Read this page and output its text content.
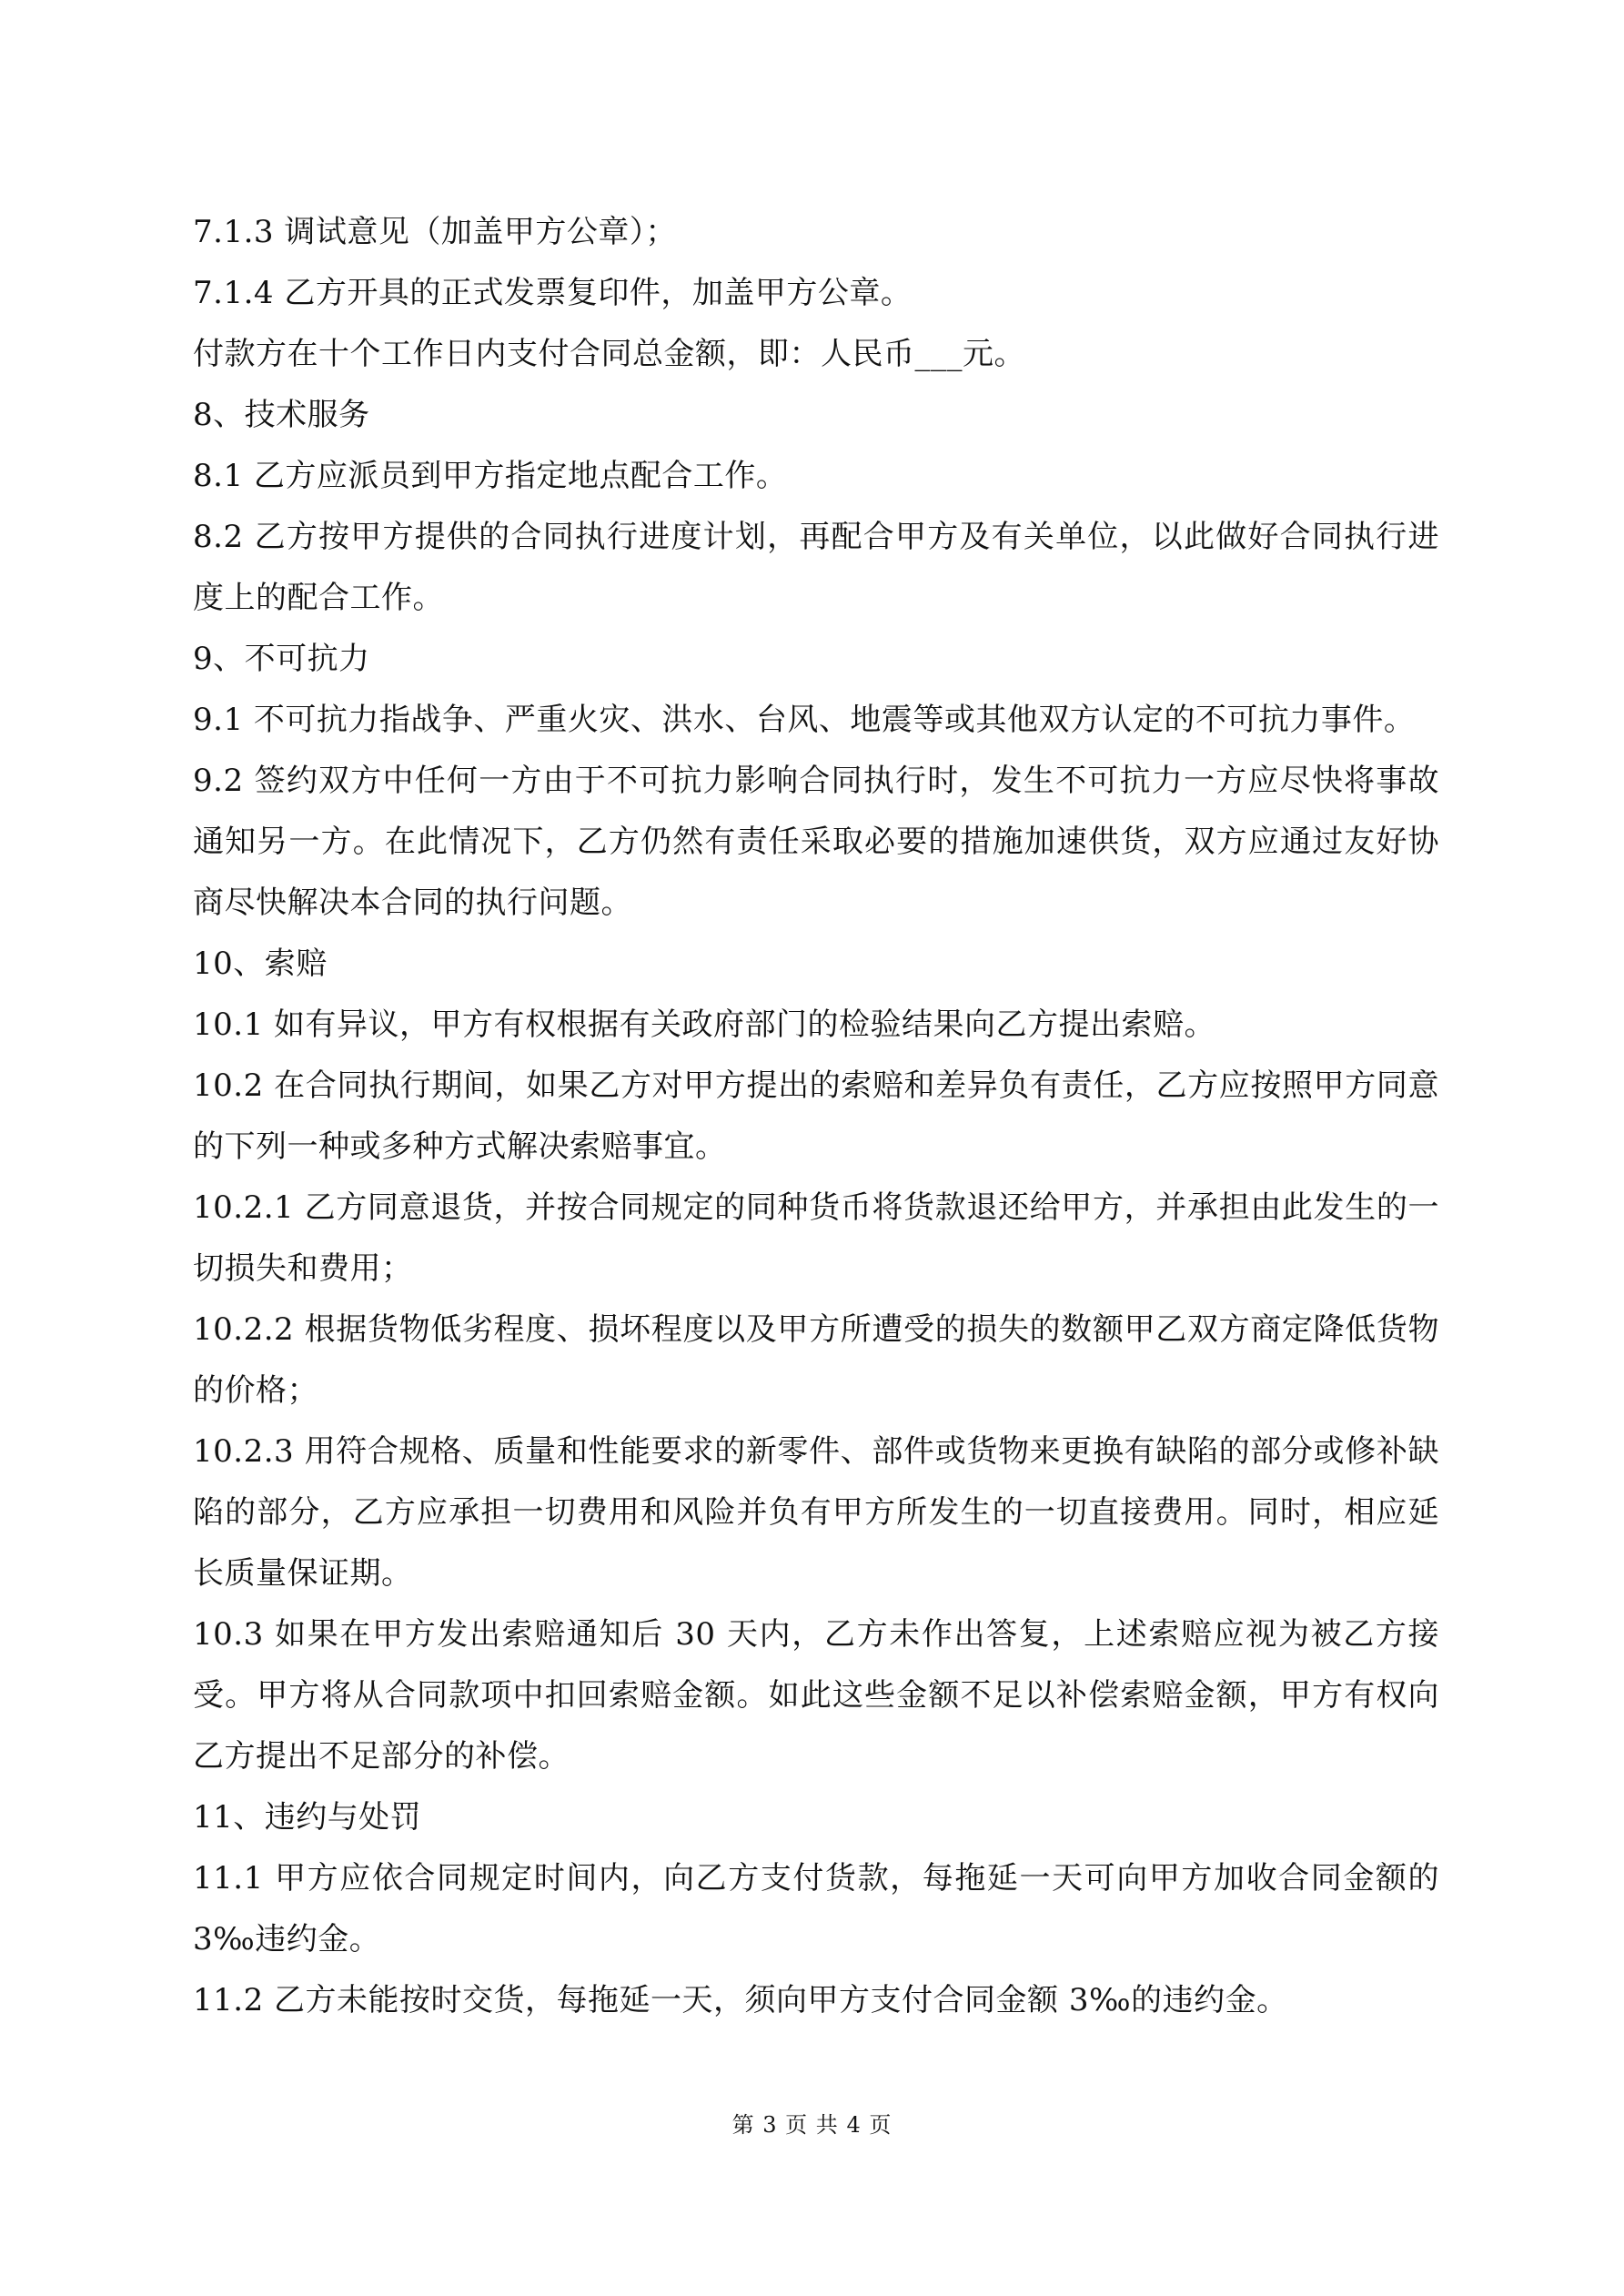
7.1.3 调试意见（加盖甲方公章）；

7.1.4 乙方开具的正式发票复印件，加盖甲方公章。

付款方在十个工作日内支付合同总金额，即：人民币___元。

8、技术服务

8.1 乙方应派员到甲方指定地点配合工作。

8.2 乙方按甲方提供的合同执行进度计划，再配合甲方及有关单位，以此做好合同执行进度上的配合工作。

9、不可抗力

9.1 不可抗力指战争、严重火灾、洪水、台风、地震等或其他双方认定的不可抗力事件。

9.2 签约双方中任何一方由于不可抗力影响合同执行时，发生不可抗力一方应尽快将事故通知另一方。在此情况下，乙方仍然有责任采取必要的措施加速供货，双方应通过友好协商尽快解决本合同的执行问题。

10、索赔

10.1 如有异议，甲方有权根据有关政府部门的检验结果向乙方提出索赔。

10.2 在合同执行期间，如果乙方对甲方提出的索赔和差异负有责任，乙方应按照甲方同意的下列一种或多种方式解决索赔事宜。

10.2.1 乙方同意退货，并按合同规定的同种货币将货款退还给甲方，并承担由此发生的一切损失和费用；

10.2.2 根据货物低劣程度、损坏程度以及甲方所遭受的损失的数额甲乙双方商定降低货物的价格；

10.2.3 用符合规格、质量和性能要求的新零件、部件或货物来更换有缺陷的部分或修补缺陷的部分，乙方应承担一切费用和风险并负有甲方所发生的一切直接费用。同时，相应延长质量保证期。

10.3 如果在甲方发出索赔通知后 30 天内，乙方未作出答复，上述索赔应视为被乙方接受。甲方将从合同款项中扣回索赔金额。如此这些金额不足以补偿索赔金额，甲方有权向乙方提出不足部分的补偿。

11、违约与处罚

11.1 甲方应依合同规定时间内，向乙方支付货款，每拖延一天可向甲方加收合同金额的 3‰违约金。

11.2 乙方未能按时交货，每拖延一天，须向甲方支付合同金额 3‰的违约金。

第 3 页 共 4 页
